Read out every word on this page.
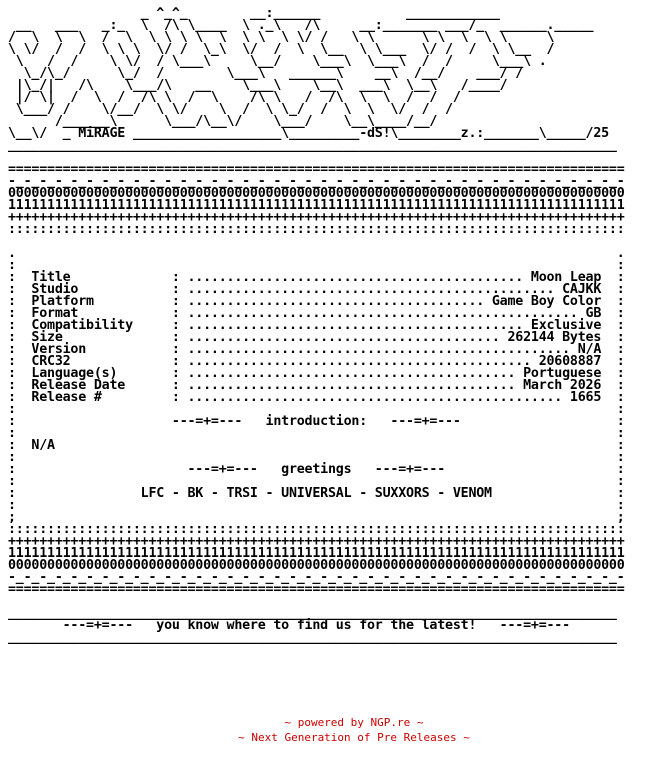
_ ^_^_        __:______           ____________
__   ___   _:_  \  /\ \____  \ ._\   /\     __:_______ ___/_  ______._____
/  \  \  \  /  \  \ \ \ \  \  \ \  \ \/ /   \ \      \ \  \  \ \     \
\ \/  /  /  \ \ \  \/ /  \_\  \/  /  \  \__  \ \___  \/ /  /  \ \__  /
\   /  /    \ \/  / \___\     \__/    \___\  \___\  /  /     \___\ .
\_/\_/      \_/  /        \___\   ______\    __\  /__/    ___/ /
|\_/|   /\    \___/\   __    \___\    \__\  ___\  \__\   /____/
|/ \|  /  \  /  /\ \  /  \    /\ \   /  /\  \  \  /  /  /
\___/ /    \/__/  \ \/    \  /  \ \_/  /  \  \  \/  /  /
/______\      \___/\__\/    \___/    \__\____/__/
\__\/  _ MiRAGE ___________________\_________-dS!\________z.:_______\_____/25
______________________________________________________________________________

===============================================================================
-_-_-_-_-_-_-_-_-_-_-_-_-_-_-_-_-_-_-_-_-_-_-_-_-_-_-_-_-_-_-_-_-_-_-_-_-_-_-_-
0000000000000000000000000000000000000000000000000000000000000000000000000000000
1111111111111111111111111111111111111111111111111111111111111111111111111111111
+++++++++++++++++++++++++++++++++++++++++++++++++++++++++++++++++++++++++++++++
:::::::::::::::::::::::::::::::::::::::::::::::::::::::::::::::::::::::::::::::

.                                                                             .
:                                                                             :
:  Title             : ........................................... Moon Leap  :
:  Studio            : ............................................... CAJKK  :
:  Platform          : ...................................... Game Boy Color  :
:  Format            : .................................................. GB  :
:  Compatibility     : ........................................... Exclusive  :
:  Size              : ........................................ 262144 Bytes  :
:  Version           : ................................................. N/A  :
:  CRC32             : ............................................ 20608887  :
:  Language(s)       : .......................................... Portuguese  :
:  Release Date      : .......................................... March 2026  :
:  Release #         : ................................................ 1665  :
:                                                                             :
:                    ---=+=---   introduction:   ---=+=---                    :
:                                                                             :
:  N/A                                                                        :
:                                                                             :
:                      ---=+=---   greetings   ---=+=---                      :
:                                                                             :
:                LFC - BK - TRSI - UNIVERSAL - SUXXORS - VENOM                :
:                                                                             :
;                                                                             ;
:::::::::::::::::::::::::::::::::::::::::::::::::::::::::::::::::::::::::::::::
+++++++++++++++++++++++++++++++++++++++++++++++++++++++++++++++++++++++++++++++
1111111111111111111111111111111111111111111111111111111111111111111111111111111
0000000000000000000000000000000000000000000000000000000000000000000000000000000
-_-_-_-_-_-_-_-_-_-_-_-_-_-_-_-_-_-_-_-_-_-_-_-_-_-_-_-_-_-_-_-_-_-_-_-_-_-_-_-
===============================================================================

______________________________________________________________________________
---=+=---   you know where to find us for the latest!   ---=+=---
______________________________________________________________________________

~ powered by NGP.re ~
~ Next Generation of Pre Releases ~
